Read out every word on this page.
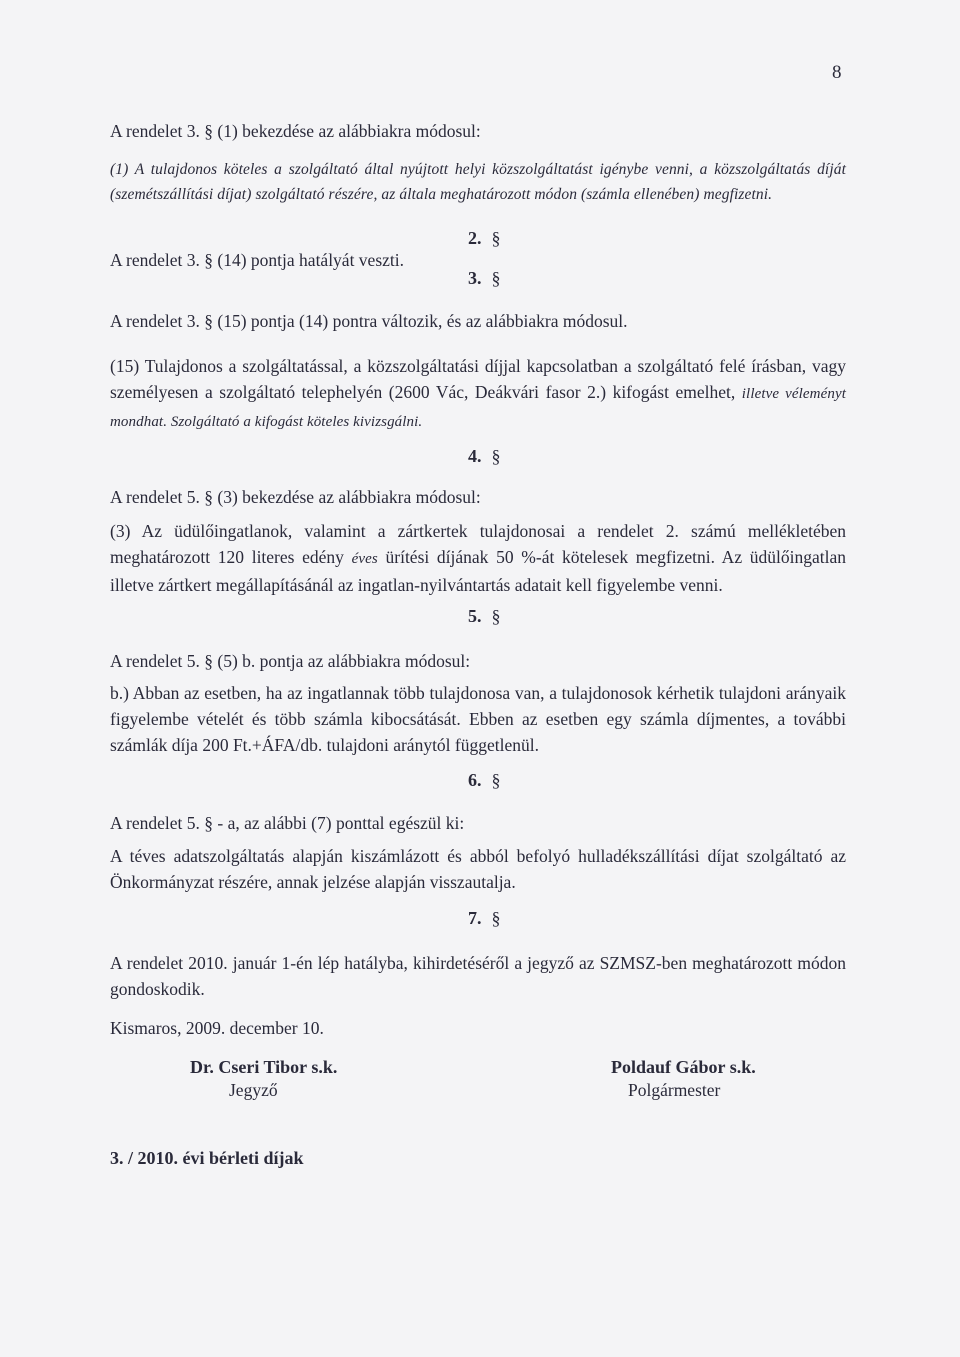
8
A rendelet 3. § (1) bekezdése az alábbiakra módosul:
(1) A tulajdonos köteles a szolgáltató által nyújtott helyi közszolgáltatást igénybe venni, a közszolgáltatás díját (szemétszállítási díjat) szolgáltató részére, az általa meghatározott módon (számla ellenében) megfizetni.
2. §
A rendelet 3. § (14) pontja hatályát veszti.
3. §
A rendelet 3. § (15) pontja (14) pontra változik, és az alábbiakra módosul.
(15) Tulajdonos a szolgáltatással, a közszolgáltatási díjjal kapcsolatban a szolgáltató felé írásban, vagy személyesen a szolgáltató telephelyén (2600 Vác, Deákvári fasor 2.) kifogást emelhet, illetve véleményt mondhat. Szolgáltató a kifogást köteles kivizsgálni.
4. §
A rendelet 5. § (3) bekezdése az alábbiakra módosul:
(3) Az üdülőingatlanok, valamint a zártkertek tulajdonosai a rendelet 2. számú mellékletében meghatározott 120 literes edény éves ürítési díjának 50 %-át kötelesek megfizetni. Az üdülőingatlan illetve zártkert megállapításánál az ingatlan-nyilvántartás adatait kell figyelembe venni.
5. §
A rendelet 5. § (5) b. pontja az alábbiakra módosul:
b.) Abban az esetben, ha az ingatlannak több tulajdonosa van, a tulajdonosok kérhetik tulajdoni arányaik figyelembe vételét és több számla kibocsátását. Ebben az esetben egy számla díjmentes, a további számlák díja 200 Ft.+ÁFA/db. tulajdoni aránytól függetlenül.
6. §
A rendelet 5. § - a, az alábbi (7) ponttal egészül ki:
A téves adatszolgáltatás alapján kiszámlázott és abból befolyó hulladékszállítási díjat szolgáltató az Önkormányzat részére, annak jelzése alapján visszautalja.
7. §
A rendelet 2010. január 1-én lép hatályba, kihirdetéséről a jegyző az SZMSZ-ben meghatározott módon gondoskodik.
Kismaros, 2009. december 10.
Dr. Cseri Tibor s.k.
Jegyző
Poldauf Gábor s.k.
Polgármester
3. / 2010. évi bérleti díjak
